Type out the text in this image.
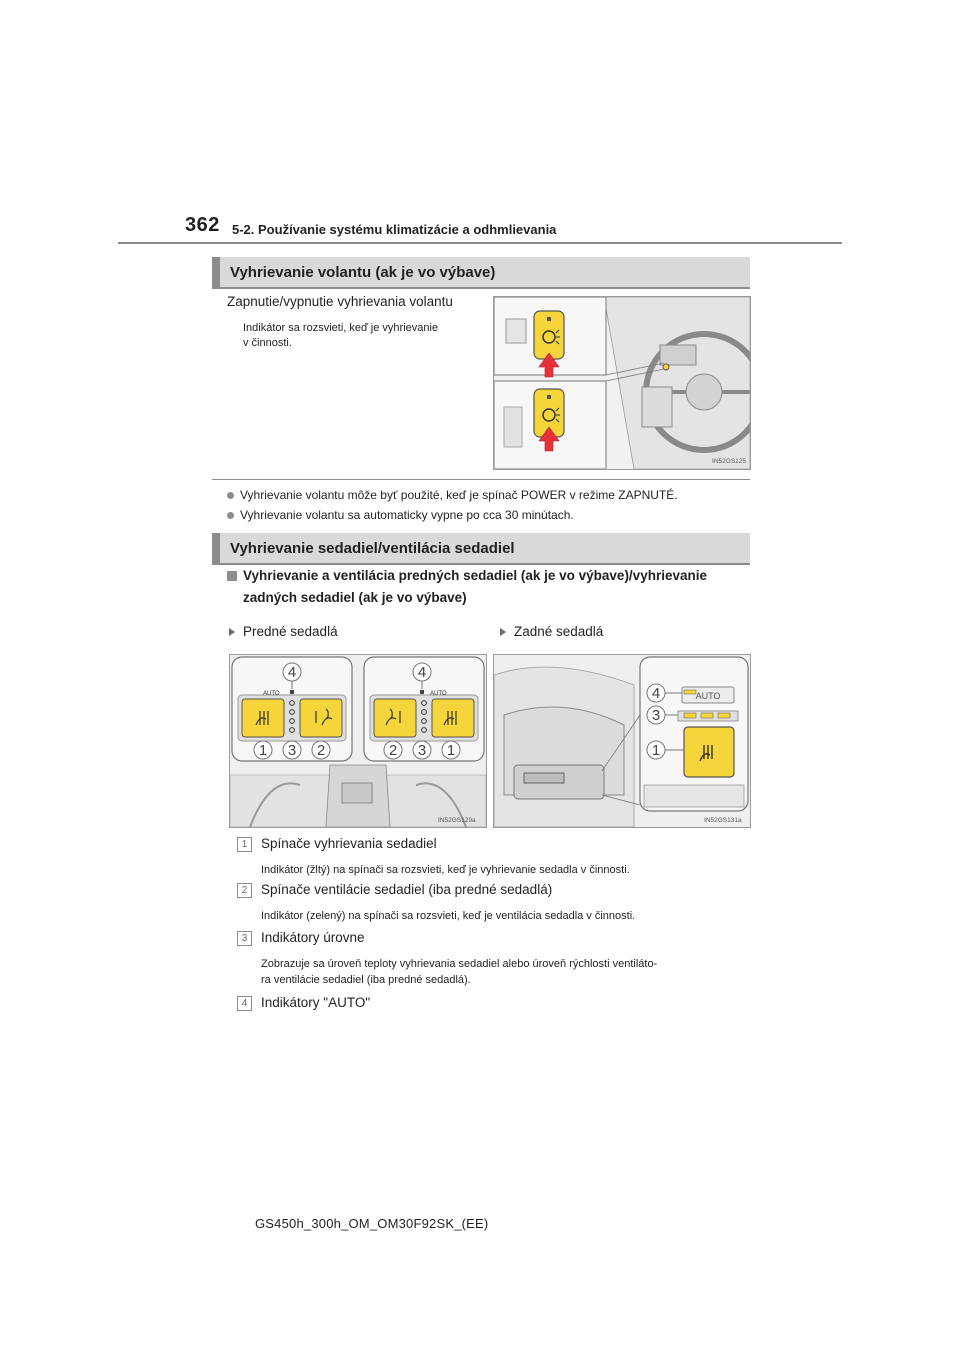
362 5-2. Používanie systému klimatizácie a odhmlievania
Vyhrievanie volantu (ak je vo výbave)
Zapnutie/vypnutie vyhrievania volantu
Indikátor sa rozsvieti, keď je vyhrievanie
v činnosti.
IN52GS125
Vyhrievanie volantu môže byť použité, keď je spínač POWER v režime ZAPNUTÉ.
Vyhrievanie volantu sa automaticky vypne po cca 30 minútach.
Vyhrievanie sedadiel/ventilácia sedadiel
Vyhrievanie a ventilácia predných sedadiel (ak je vo výbave)/vyhrievanie
zadných sedadiel (ak je vo výbave)
Predné sedadlá	Zadné sedadlá
AUTO	AUTO
4	4
1 3 2	2 3 1
IN52GS129a
AUTO
4
3
1
IN52GS131a
1	Spínače vyhrievania sedadiel
Indikátor (žltý) na spínači sa rozsvieti, keď je vyhrievanie sedadla v činnosti.
2	Spínače ventilácie sedadiel (iba predné sedadlá)
Indikátor (zelený) na spínači sa rozsvieti, keď je ventilácia sedadla v činnosti.
3	Indikátory úrovne
Zobrazuje sa úroveň teploty vyhrievania sedadiel alebo úroveň rýchlosti ventiláto-
ra ventilácie sedadiel (iba predné sedadlá).
4	Indikátory "AUTO"
GS450h_300h_OM_OM30F92SK_(EE)
